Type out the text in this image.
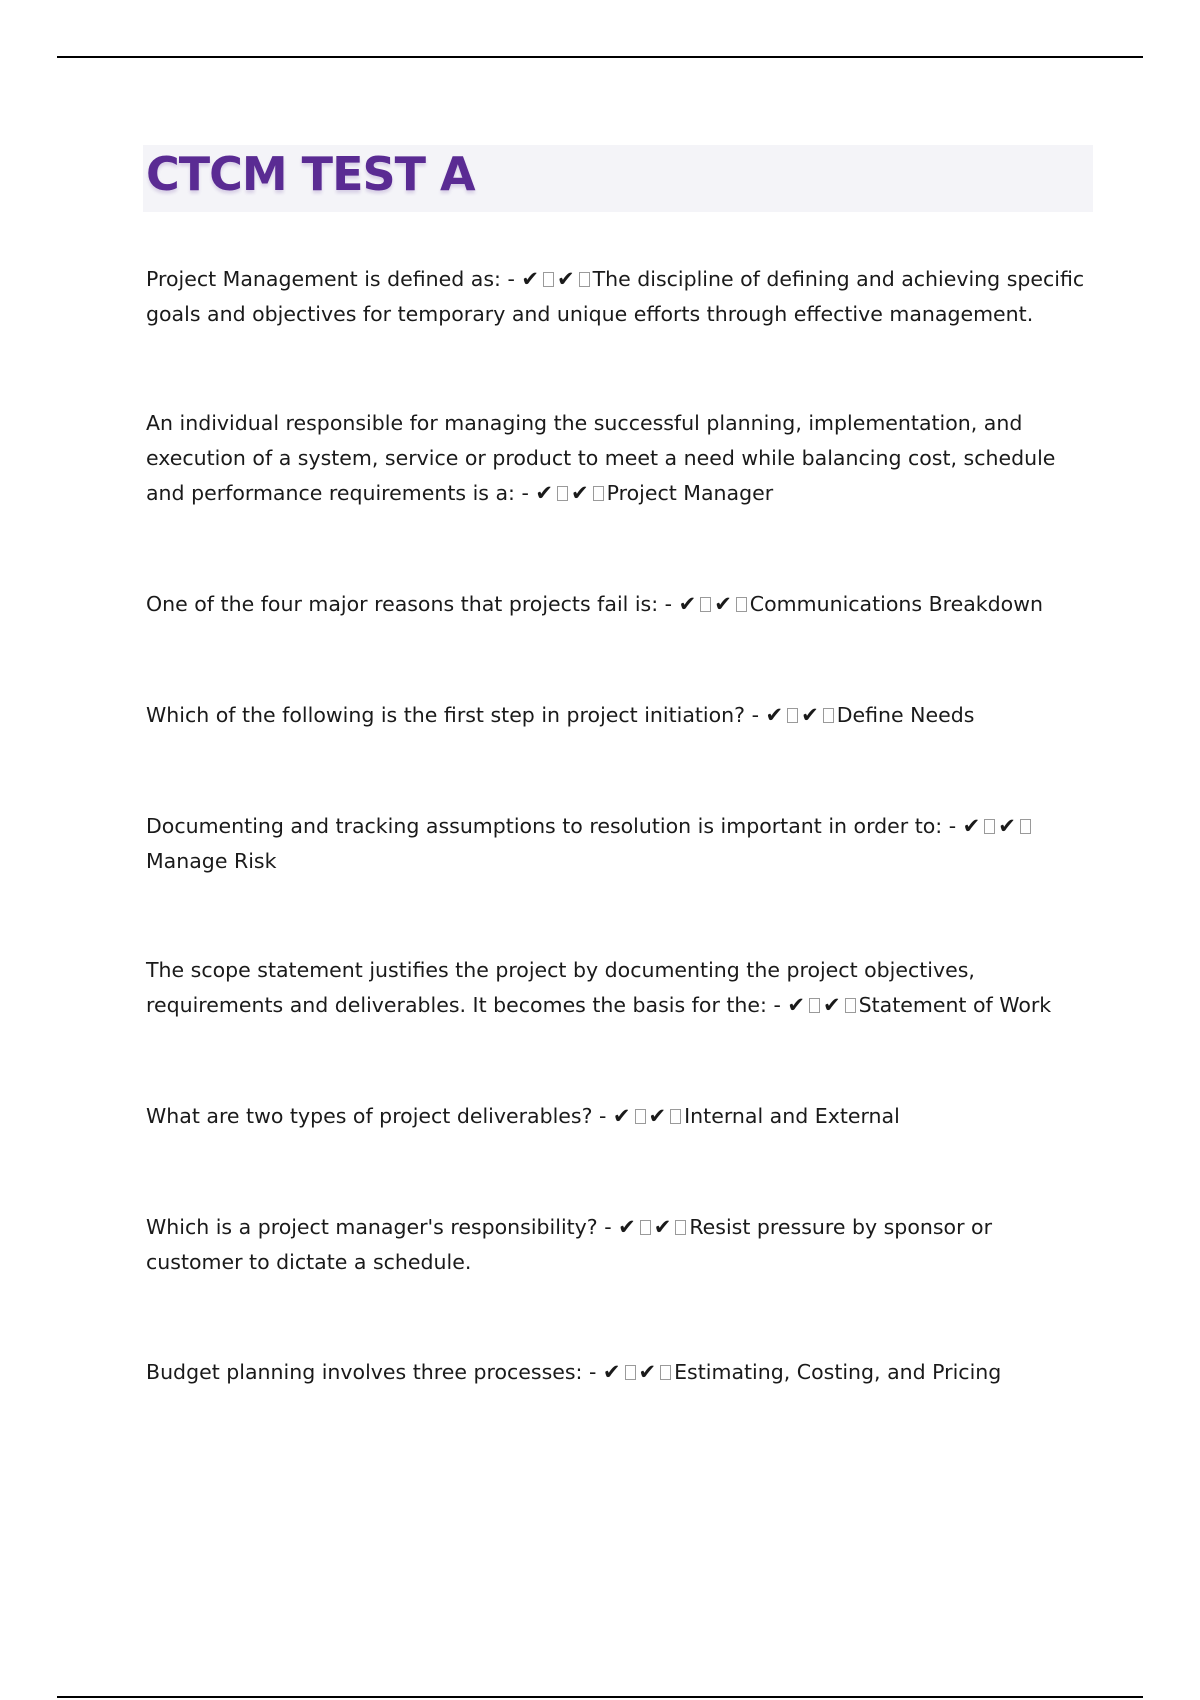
CTCM TEST A

Project Management is defined as: - ✔ ✔ The discipline of defining and achieving specific goals and objectives for temporary and unique efforts through effective management.

An individual responsible for managing the successful planning, implementation, and execution of a system, service or product to meet a need while balancing cost, schedule and performance requirements is a: - ✔ ✔ Project Manager

One of the four major reasons that projects fail is: - ✔ ✔ Communications Breakdown

Which of the following is the first step in project initiation? - ✔ ✔ Define Needs

Documenting and tracking assumptions to resolution is important in order to: - ✔ ✔Manage Risk

The scope statement justifies the project by documenting the project objectives, requirements and deliverables. It becomes the basis for the: - ✔ ✔ Statement of Work

What are two types of project deliverables? - ✔ ✔ Internal and External

Which is a project manager's responsibility? - ✔ ✔ Resist pressure by sponsor or customer to dictate a schedule.

Budget planning involves three processes: - ✔ ✔ Estimating, Costing, and Pricing
